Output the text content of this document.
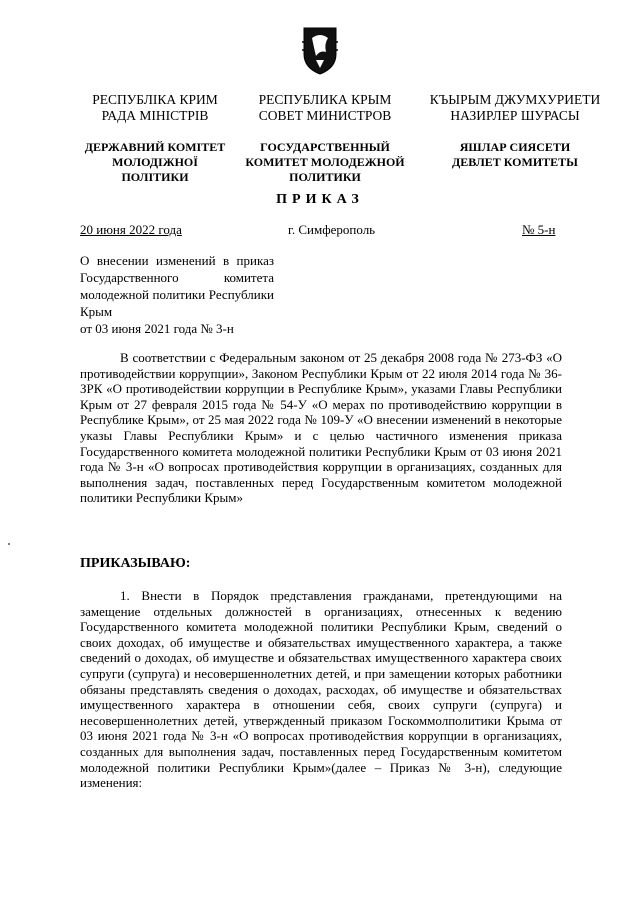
РЕСПУБЛІКА КРИМ
РАДА МІНІСТРІВ
ДЕРЖАВНИЙ КОМІТЕТ
МОЛОДІЖНОЇ
ПОЛІТИКИ
РЕСПУБЛИКА КРЫМ
СОВЕТ МИНИСТРОВ
ГОСУДАРСТВЕННЫЙ
КОМИТЕТ МОЛОДЕЖНОЙ
ПОЛИТИКИ
КЪЫРЫМ ДЖУМХУРИЕТИ
НАЗИРЛЕР ШУРАСЫ
ЯШЛАР СИЯСЕТИ
ДЕВЛЕТ КОМИТЕТЫ
ПРИКАЗ
20 июня 2022 года	г. Симферополь	№ 5-н
О внесении изменений в приказ Государственного комитета молодежной политики Республики Крым
от 03 июня 2021 года № 3-н
В соответствии с Федеральным законом от 25 декабря 2008 года № 273-ФЗ «О противодействии коррупции», Законом Республики Крым от 22 июля 2014 года № 36-ЗРК «О противодействии коррупции в Республике Крым», указами Главы Республики Крым от 27 февраля 2015 года № 54-У «О мерах по противодействию коррупции в Республике Крым», от 25 мая 2022 года № 109-У «О внесении изменений в некоторые указы Главы Республики Крым» и с целью частичного изменения приказа Государственного комитета молодежной политики Республики Крым от 03 июня 2021 года № 3-н «О вопросах противодействия коррупции в организациях, созданных для выполнения задач, поставленных перед Государственным комитетом молодежной политики Республики Крым»
ПРИКАЗЫВАЮ:
1. Внести в Порядок представления гражданами, претендующими на замещение отдельных должностей в организациях, отнесенных к ведению Государственного комитета молодежной политики Республики Крым, сведений о своих доходах, об имуществе и обязательствах имущественного характера, а также сведений о доходах, об имуществе и обязательствах имущественного характера своих супруги (супруга) и несовершеннолетних детей, и при замещении которых работники обязаны представлять сведения о доходах, расходах, об имуществе и обязательствах имущественного характера в отношении себя, своих супруги (супруга) и несовершеннолетних детей, утвержденный приказом Госкоммолполитики Крыма от 03 июня 2021 года № 3-н «О вопросах противодействия коррупции в организациях, созданных для выполнения задач, поставленных перед Государственным комитетом молодежной политики Республики Крым»(далее – Приказ № 3-н), следующие изменения:
